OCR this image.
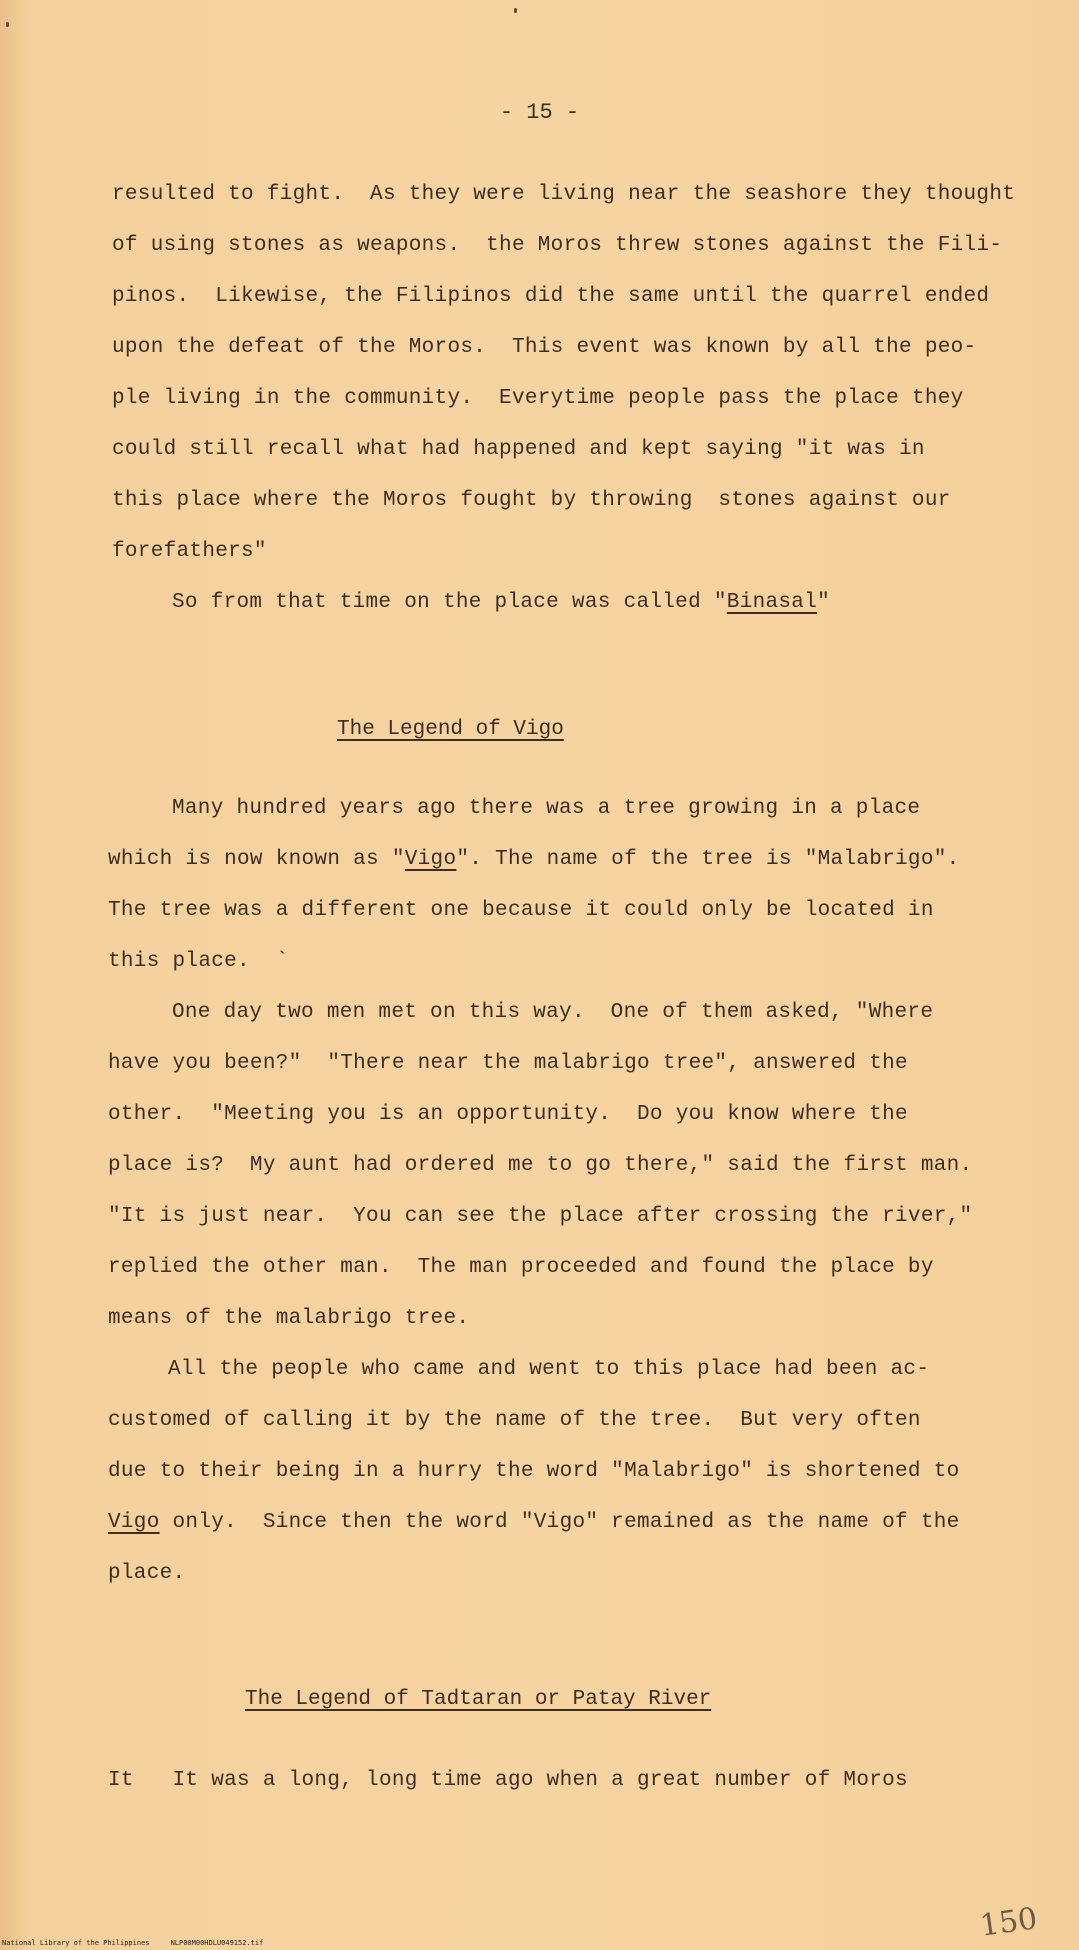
- 15 -
resulted to fight.  As they were living near the seashore they thought
of using stones as weapons.  the Moros threw stones against the Fili-
pinos.  Likewise, the Filipinos did the same until the quarrel ended
upon the defeat of the Moros.  This event was known by all the peo-
ple living in the community.  Everytime people pass the place they
could still recall what had happened and kept saying "it was in
this place where the Moros fought by throwing  stones against our
forefathers"
So from that time on the place was called "Binasal"
The Legend of Vigo
Many hundred years ago there was a tree growing in a place
which is now known as "Vigo". The name of the tree is "Malabrigo".
The tree was a different one because it could only be located in
this place.  `
One day two men met on this way.  One of them asked, "Where
have you been?"  "There near the malabrigo tree", answered the
other.  "Meeting you is an opportunity.  Do you know where the
place is?  My aunt had ordered me to go there," said the first man.
"It is just near.  You can see the place after crossing the river,"
replied the other man.  The man proceeded and found the place by
means of the malabrigo tree.
All the people who came and went to this place had been ac-
customed of calling it by the name of the tree.  But very often
due to their being in a hurry the word "Malabrigo" is shortened to
Vigo only.  Since then the word "Vigo" remained as the name of the
place.
The Legend of Tadtaran or Patay River
It   It was a long, long time ago when a great number of Moros
150
National Library of the Philippines     NLP00M00HDLU049152.tif
